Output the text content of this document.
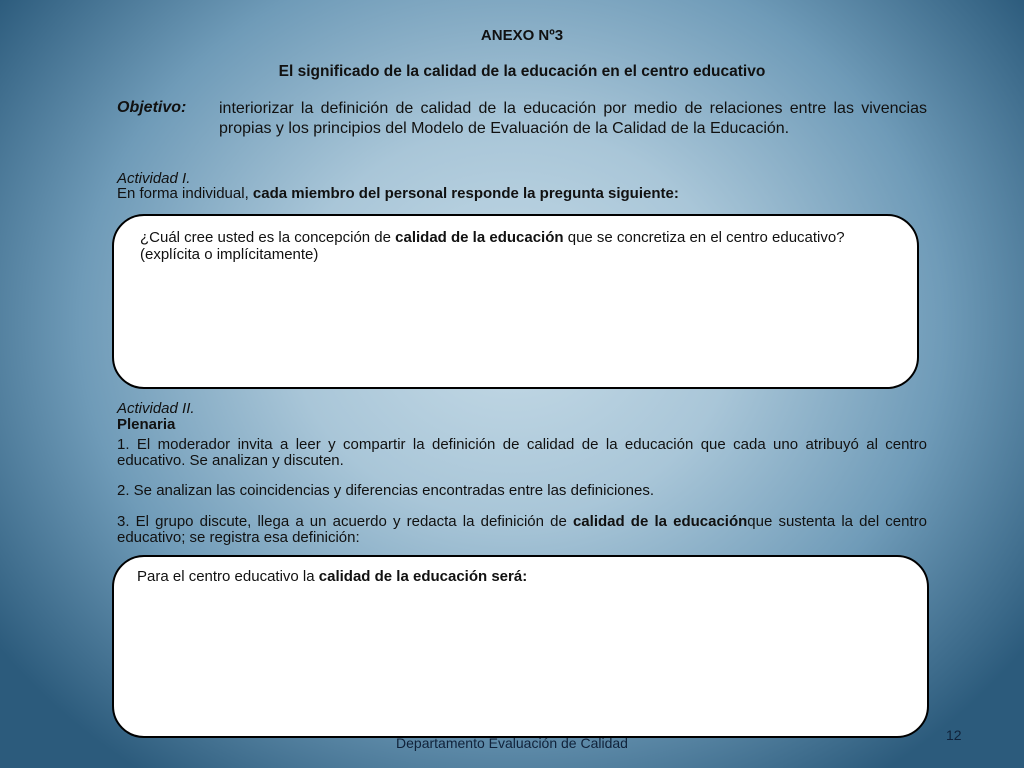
ANEXO Nº3
El significado de la calidad de la educación en el centro educativo
Objetivo: interiorizar la definición de calidad de la educación por medio de relaciones entre las vivencias propias y los principios del Modelo de Evaluación de la Calidad de la Educación.
Actividad I.
En forma individual, cada miembro del personal responde la pregunta siguiente:
¿Cuál cree usted es la concepción de calidad de la educación que se concretiza en el centro educativo? (explícita o implícitamente)
Actividad II.
Plenaria
1. El moderador invita a leer y compartir la definición de calidad de la educación que cada uno atribuyó al centro educativo. Se analizan y discuten.
2. Se analizan las coincidencias y diferencias encontradas entre las definiciones.
3. El grupo discute, llega a un acuerdo y redacta la definición de calidad de la educaciónque sustenta la del centro educativo; se registra esa definición:
Para el centro educativo la calidad de la educación será:
Departamento Evaluación de Calidad	12
